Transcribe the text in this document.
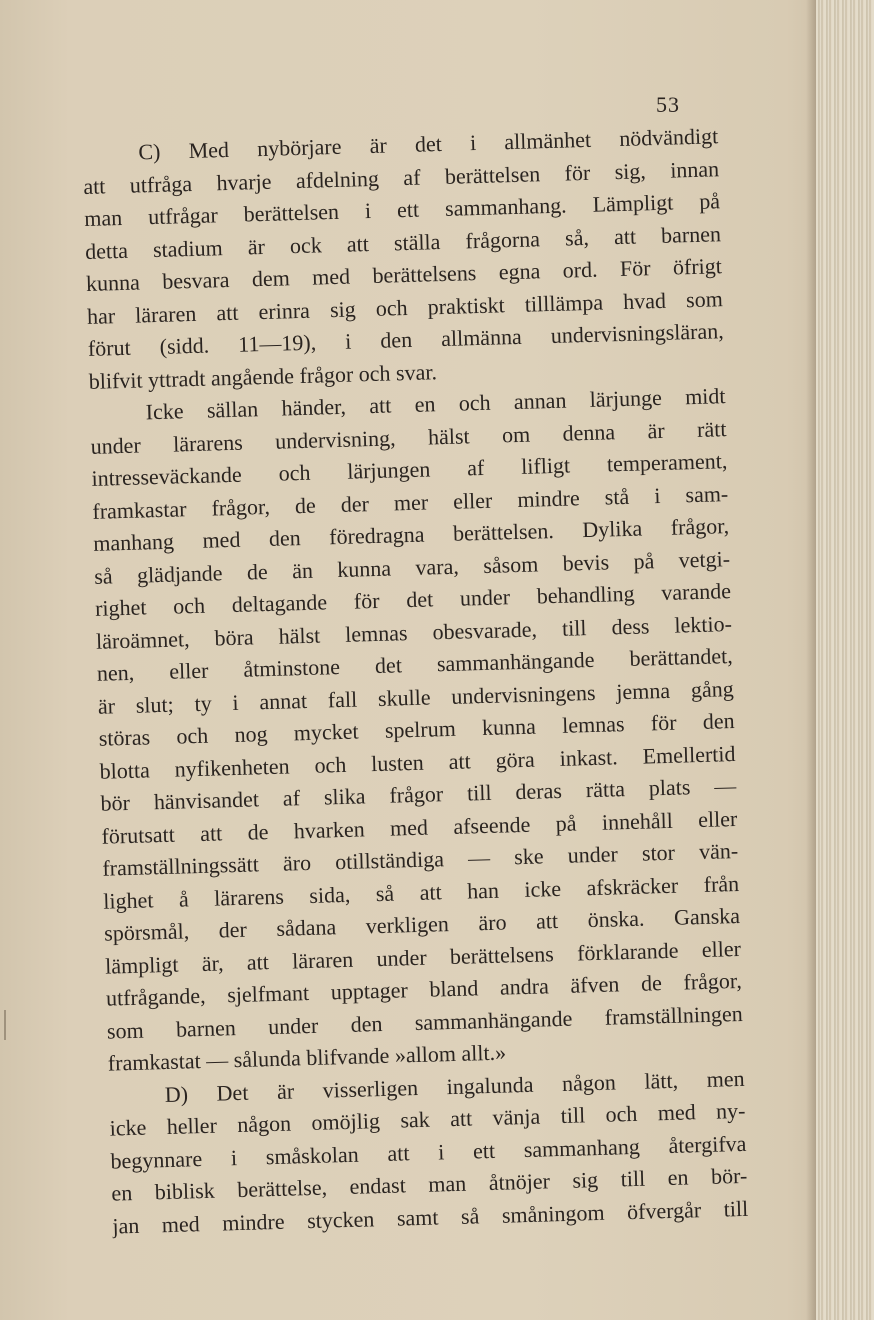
53
C) Med nybörjare är det i allmänhet nödvändigt
att utfråga hvarje afdelning af berättelsen för sig, innan
man utfrågar berättelsen i ett sammanhang. Lämpligt på
detta stadium är ock att ställa frågorna så, att barnen
kunna besvara dem med berättelsens egna ord. För öfrigt
har läraren att erinra sig och praktiskt tilllämpa hvad som
förut (sidd. 11—19), i den allmänna undervisningsläran,
blifvit yttradt angående frågor och svar.
Icke sällan händer, att en och annan lärjunge midt
under lärarens undervisning, hälst om denna är rätt
intresseväckande och lärjungen af lifligt temperament,
framkastar frågor, de der mer eller mindre stå i sam-
manhang med den föredragna berättelsen. Dylika frågor,
så glädjande de än kunna vara, såsom bevis på vetgi-
righet och deltagande för det under behandling varande
läroämnet, böra hälst lemnas obesvarade, till dess lektio-
nen, eller åtminstone det sammanhängande berättandet,
är slut; ty i annat fall skulle undervisningens jemna gång
störas och nog mycket spelrum kunna lemnas för den
blotta nyfikenheten och lusten att göra inkast. Emellertid
bör hänvisandet af slika frågor till deras rätta plats —
förutsatt att de hvarken med afseende på innehåll eller
framställningssätt äro otillständiga — ske under stor vän-
lighet å lärarens sida, så att han icke afskräcker från
spörsmål, der sådana verkligen äro att önska. Ganska
lämpligt är, att läraren under berättelsens förklarande eller
utfrågande, sjelfmant upptager bland andra äfven de frågor,
som barnen under den sammanhängande framställningen
framkastat — sålunda blifvande »allom allt.»
D) Det är visserligen ingalunda någon lätt, men
icke heller någon omöjlig sak att vänja till och med ny-
begynnare i småskolan att i ett sammanhang återgifva
en biblisk berättelse, endast man åtnöjer sig till en bör-
jan med mindre stycken samt så småningom öfvergår till
